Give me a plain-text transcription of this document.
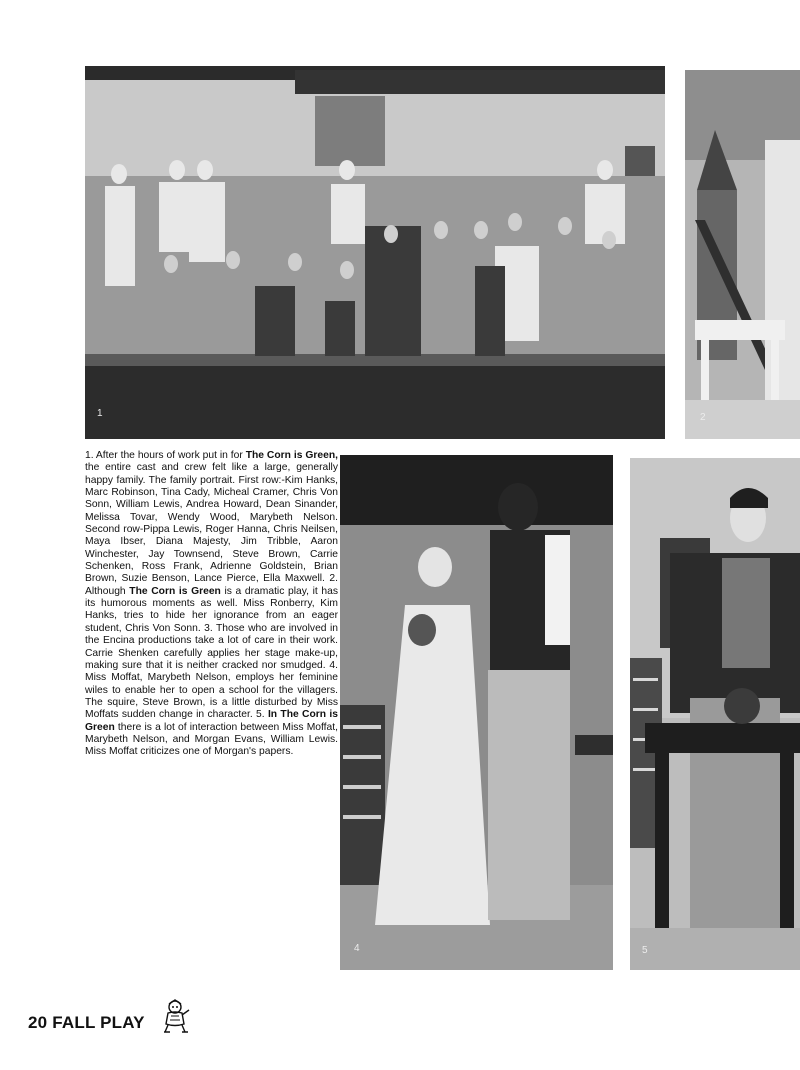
1	2
4	5

1. After the hours of work put in for The Corn is Green, the entire cast and crew felt like a large, generally happy family. The family portrait. First row:-Kim Hanks, Marc Robinson, Tina Cady, Micheal Cramer, Chris Von Sonn, William Lewis, Andrea Howard, Dean Sinander, Melissa Tovar, Wendy Wood, Marybeth Nelson. Second row-Pippa Lewis, Roger Hanna, Chris Neilsen, Maya Ibser, Diana Majesty, Jim Tribble, Aaron Winchester, Jay Townsend, Steve Brown, Carrie Schenken, Ross Frank, Adrienne Goldstein, Brian Brown, Suzie Benson, Lance Pierce, Ella Maxwell. 2. Although The Corn is Green is a dramatic play, it has its humorous moments as well. Miss Ronberry, Kim Hanks, tries to hide her ignorance from an eager student, Chris Von Sonn. 3. Those who are involved in the Encina productions take a lot of care in their work. Carrie Shenken carefully applies her stage make-up, making sure that it is neither cracked nor smudged. 4. Miss Moffat, Marybeth Nelson, employs her feminine wiles to enable her to open a school for the villagers. The squire, Steve Brown, is a little disturbed by Miss Moffats sudden change in character. 5. In The Corn is Green there is a lot of interaction between Miss Moffat, Marybeth Nelson, and Morgan Evans, William Lewis. Miss Moffat criticizes one of Morgan's papers.

20 FALL PLAY
